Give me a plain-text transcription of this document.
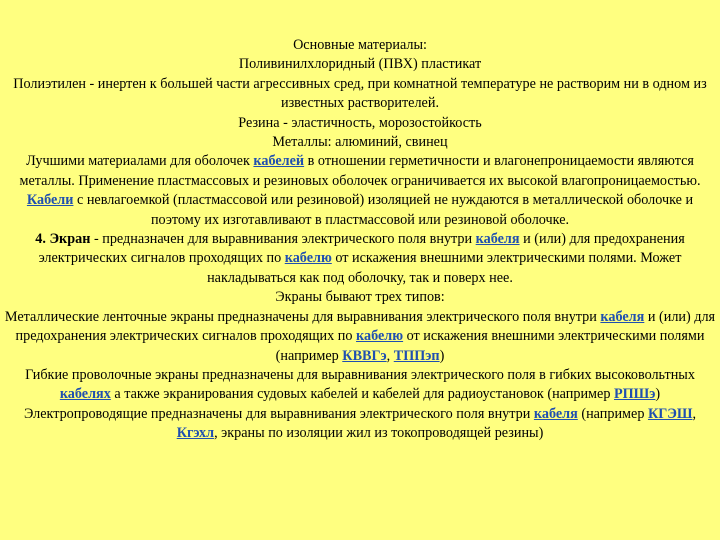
Основные материалы:

Поливинилхлоридный (ПВХ) пластикат

Полиэтилен - инертен к большей части агрессивных сред, при комнатной температуре не растворим ни в одном из известных растворителей.

Резина - эластичность, морозостойкость

Металлы: алюминий, свинец

Лучшими материалами для оболочек кабелей в отношении герметичности и влагонепроницаемости являются металлы. Применение пластмассовых и резиновых оболочек ограничивается их высокой влагопроницаемостью. Кабели с невлагоемкой (пластмассовой или резиновой) изоляцией не нуждаются в металлической оболочке и поэтому их изготавливают в пластмассовой или резиновой оболочке.

4. Экран - предназначен для выравнивания электрического поля внутри кабеля и (или) для предохранения электрических сигналов проходящих по кабелю от искажения внешними электрическими полями. Может накладываться как под оболочку, так и поверх нее.

Экраны бывают трех типов:

Металлические ленточные экраны предназначены для выравнивания электрического поля внутри кабеля и (или) для предохранения электрических сигналов проходящих по кабелю от искажения внешними электрическими полями (например КВВГэ, ТППэп)

Гибкие проволочные экраны предназначены для выравнивания электрического поля в гибких высоковольтных кабелях а также экранирования судовых кабелей и кабелей для радиоустановок (например РПШэ)

Электропроводящие предназначены для выравнивания электрического поля внутри кабеля (например КГЭШ, Кгэхл, экраны по изоляции жил из токопроводящей резины)
